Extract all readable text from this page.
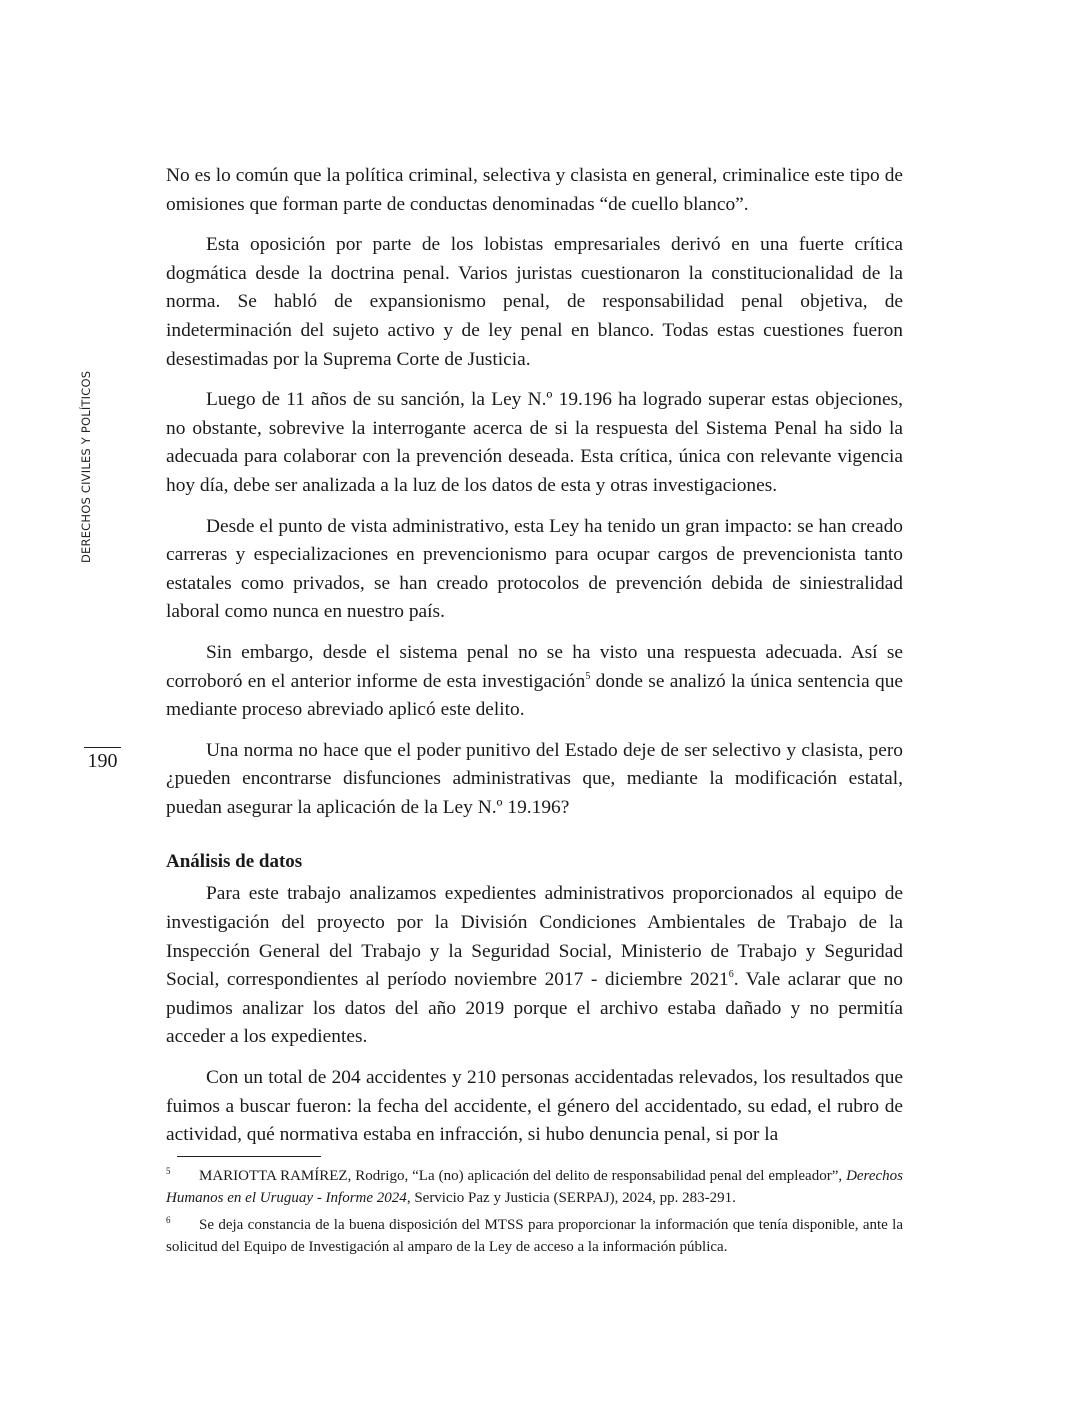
DERECHOS CIVILES Y POLÍTICOS
190

No es lo común que la política criminal, selectiva y clasista en general, criminalice este tipo de omisiones que forman parte de conductas denominadas “de cuello blanco”.

Esta oposición por parte de los lobistas empresariales derivó en una fuerte crítica dogmática desde la doctrina penal. Varios juristas cuestionaron la constitucionalidad de la norma. Se habló de expansionismo penal, de responsabilidad penal objetiva, de indeterminación del sujeto activo y de ley penal en blanco. Todas estas cuestiones fueron desestimadas por la Suprema Corte de Justicia.

Luego de 11 años de su sanción, la Ley N.º 19.196 ha logrado superar estas objeciones, no obstante, sobrevive la interrogante acerca de si la respuesta del Sistema Penal ha sido la adecuada para colaborar con la prevención deseada. Esta crítica, única con relevante vigencia hoy día, debe ser analizada a la luz de los datos de esta y otras investigaciones.

Desde el punto de vista administrativo, esta Ley ha tenido un gran impacto: se han creado carreras y especializaciones en prevencionismo para ocupar cargos de prevencionista tanto estatales como privados, se han creado protocolos de prevención debida de siniestralidad laboral como nunca en nuestro país.

Sin embargo, desde el sistema penal no se ha visto una respuesta adecuada. Así se corroboró en el anterior informe de esta investigación$^5$ donde se analizó la única sentencia que mediante proceso abreviado aplicó este delito.

Una norma no hace que el poder punitivo del Estado deje de ser selectivo y clasista, pero ¿pueden encontrarse disfunciones administrativas que, mediante la modificación estatal, puedan asegurar la aplicación de la Ley N.º 19.196?

Análisis de datos

Para este trabajo analizamos expedientes administrativos proporcionados al equipo de investigación del proyecto por la División Condiciones Ambientales de Trabajo de la Inspección General del Trabajo y la Seguridad Social, Ministerio de Trabajo y Seguridad Social, correspondientes al período noviembre 2017 - diciembre 2021$^6$. Vale aclarar que no pudimos analizar los datos del año 2019 porque el archivo estaba dañado y no permitía acceder a los expedientes.

Con un total de 204 accidentes y 210 personas accidentadas relevados, los resultados que fuimos a buscar fueron: la fecha del accidente, el género del accidentado, su edad, el rubro de actividad, qué normativa estaba en infracción, si hubo denuncia penal, si por la

5 MARIOTTA RAMÍREZ, Rodrigo, “La (no) aplicación del delito de responsabilidad penal del empleador”, Derechos Humanos en el Uruguay - Informe 2024, Servicio Paz y Justicia (SERPAJ), 2024, pp. 283-291.

6 Se deja constancia de la buena disposición del MTSS para proporcionar la información que tenía disponible, ante la solicitud del Equipo de Investigación al amparo de la Ley de acceso a la información pública.
